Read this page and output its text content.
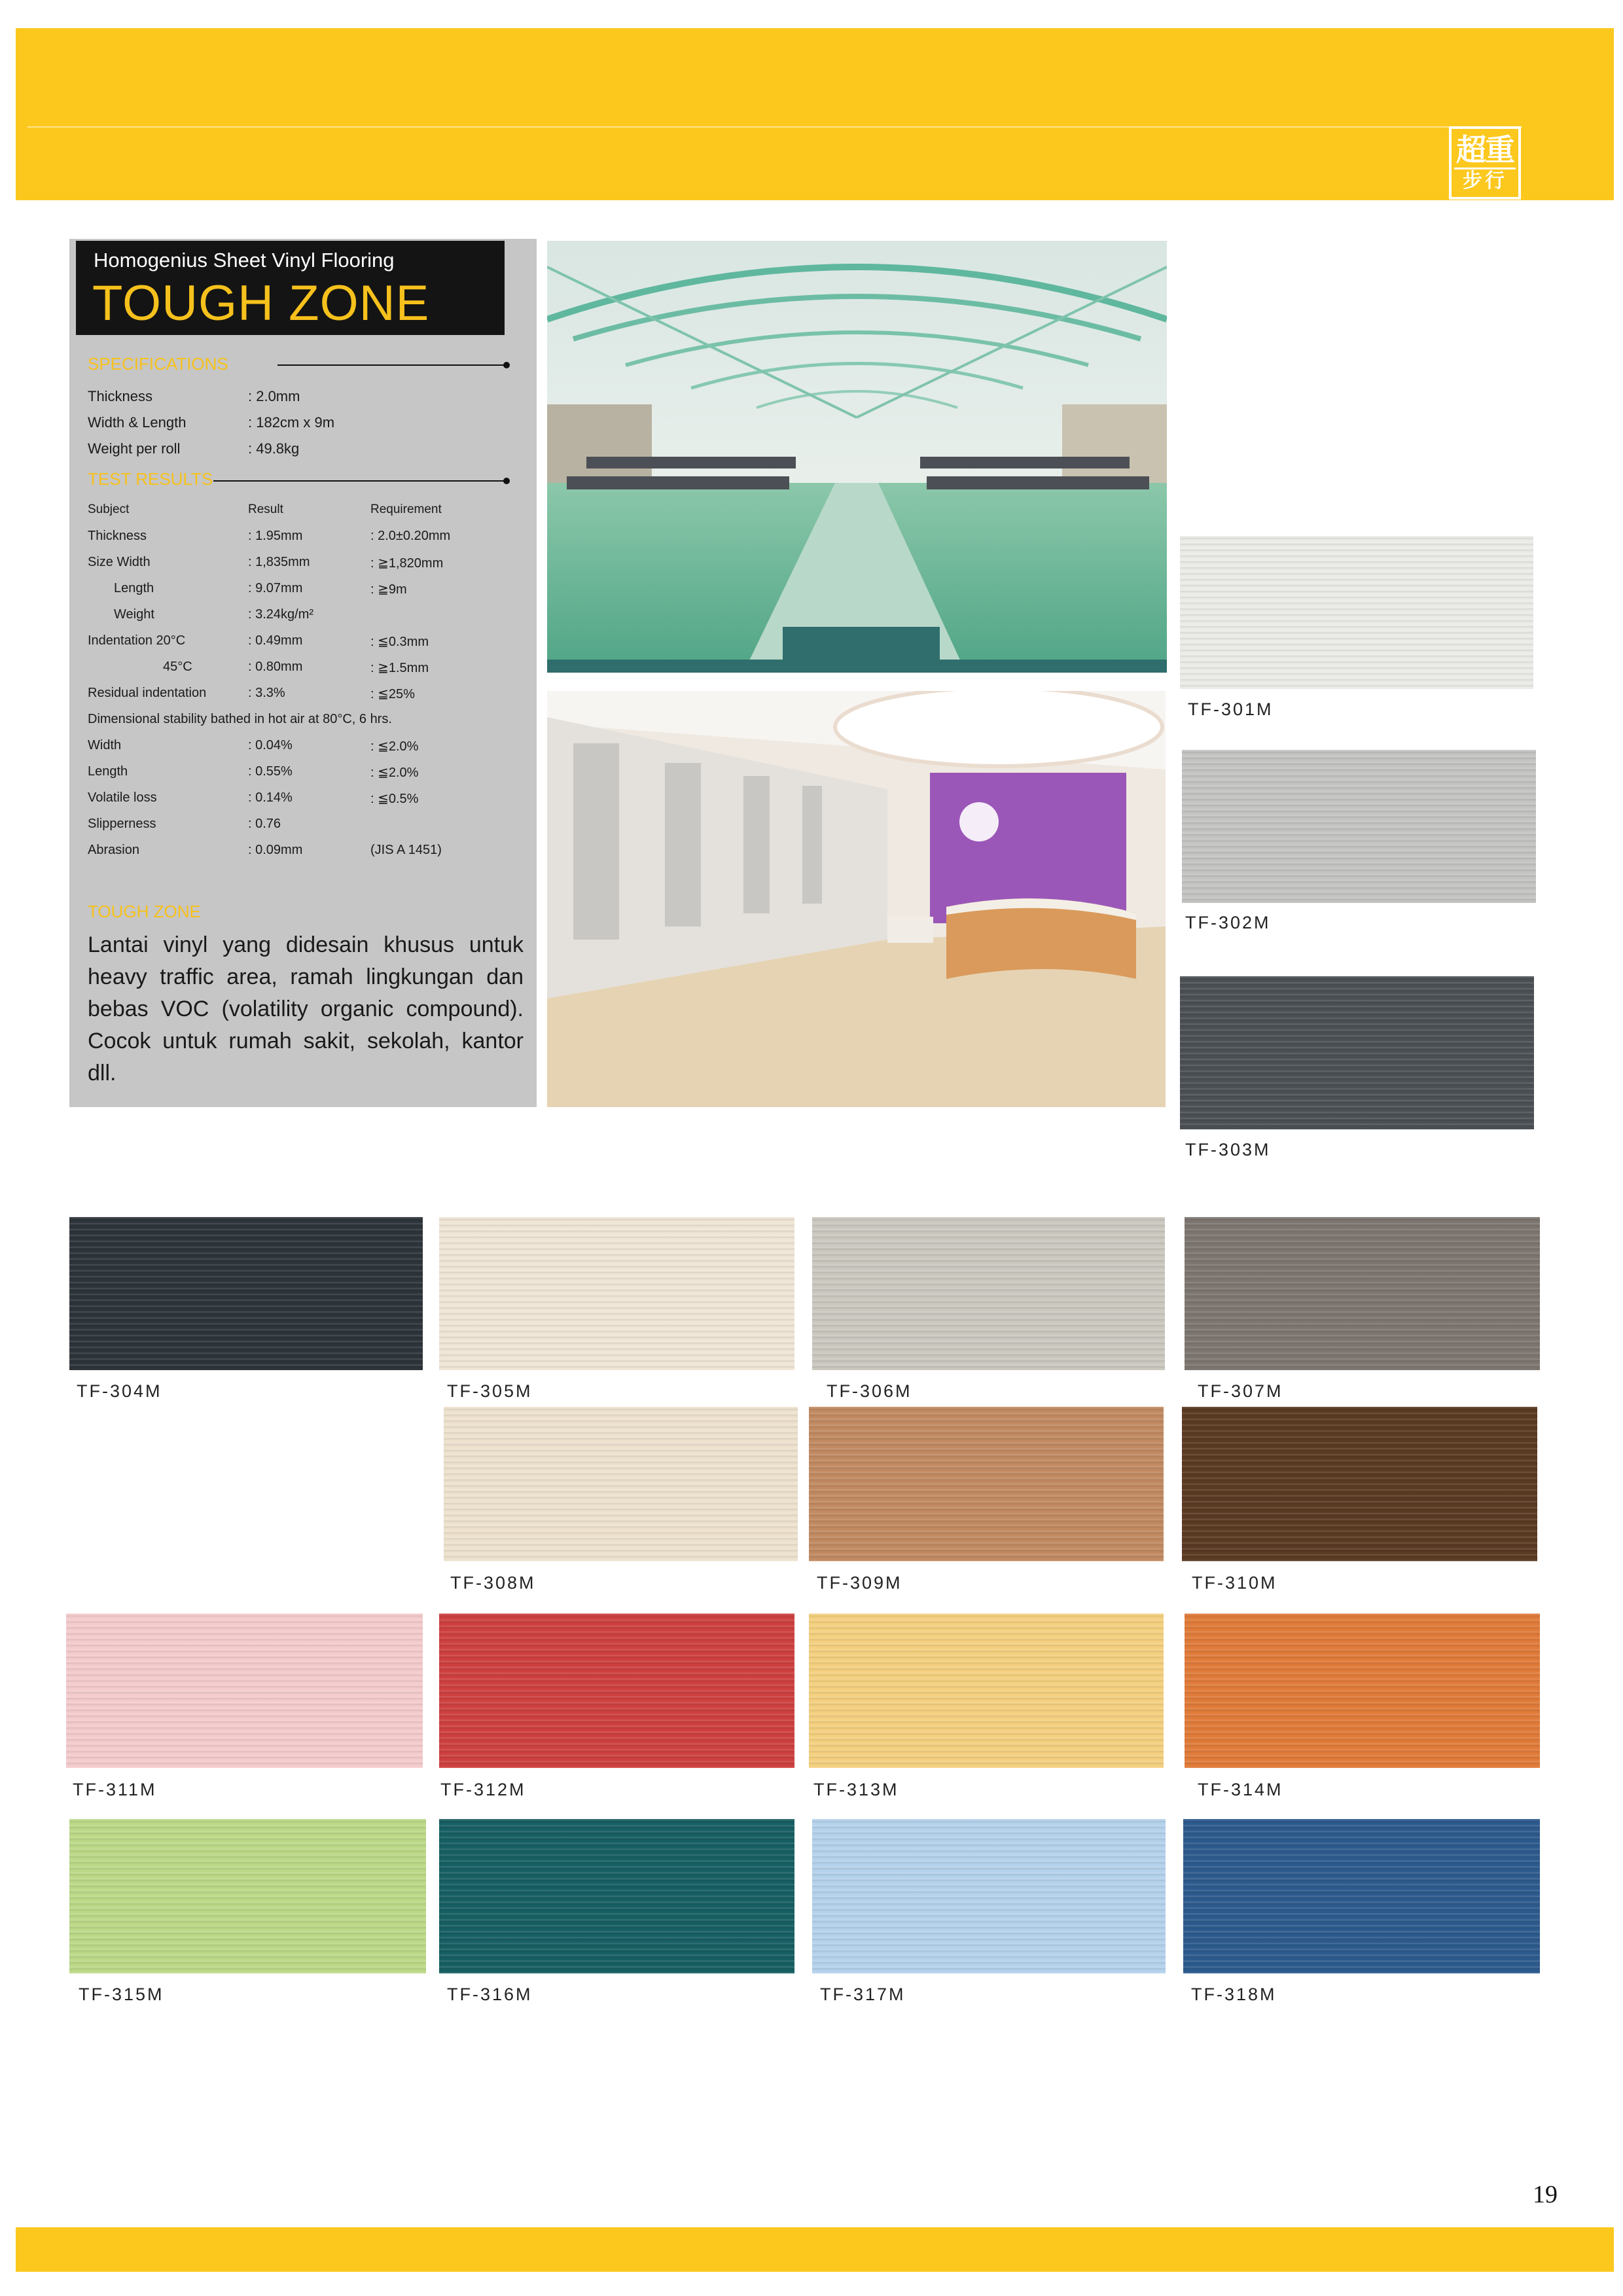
超重
步行
Homogenius Sheet Vinyl Flooring
TOUGH ZONE
SPECIFICATIONS
Thickness	: 2.0mm
Width & Length	: 182cm x 9m
Weight per roll	: 49.8kg
TEST RESULTS
Subject	Result	Requirement
Thickness	: 1.95mm	: 2.0±0.20mm
Size Width	: 1,835mm	: ≧1,820mm
Length	: 9.07mm	: ≧9m
Weight	: 3.24kg/m²
Indentation 20°C	: 0.49mm	: ≦0.3mm
45°C	: 0.80mm	: ≧1.5mm
Residual indentation	: 3.3%	: ≦25%
Dimensional stability bathed in hot air at 80°C, 6 hrs.
Width	: 0.04%	: ≦2.0%
Length	: 0.55%	: ≦2.0%
Volatile loss	: 0.14%	: ≦0.5%
Slipperness	: 0.76
Abrasion	: 0.09mm	(JIS A 1451)
TOUGH ZONE
Lantai vinyl yang didesain khusus untuk heavy traffic area, ramah lingkungan dan bebas VOC (volatility organic compound). Cocok untuk rumah sakit, sekolah, kantor dll.
TF-301M
TF-302M
TF-303M
TF-304M	TF-305M	TF-306M	TF-307M
TF-308M	TF-309M	TF-310M
TF-311M	TF-312M	TF-313M	TF-314M
TF-315M	TF-316M	TF-317M	TF-318M
19
